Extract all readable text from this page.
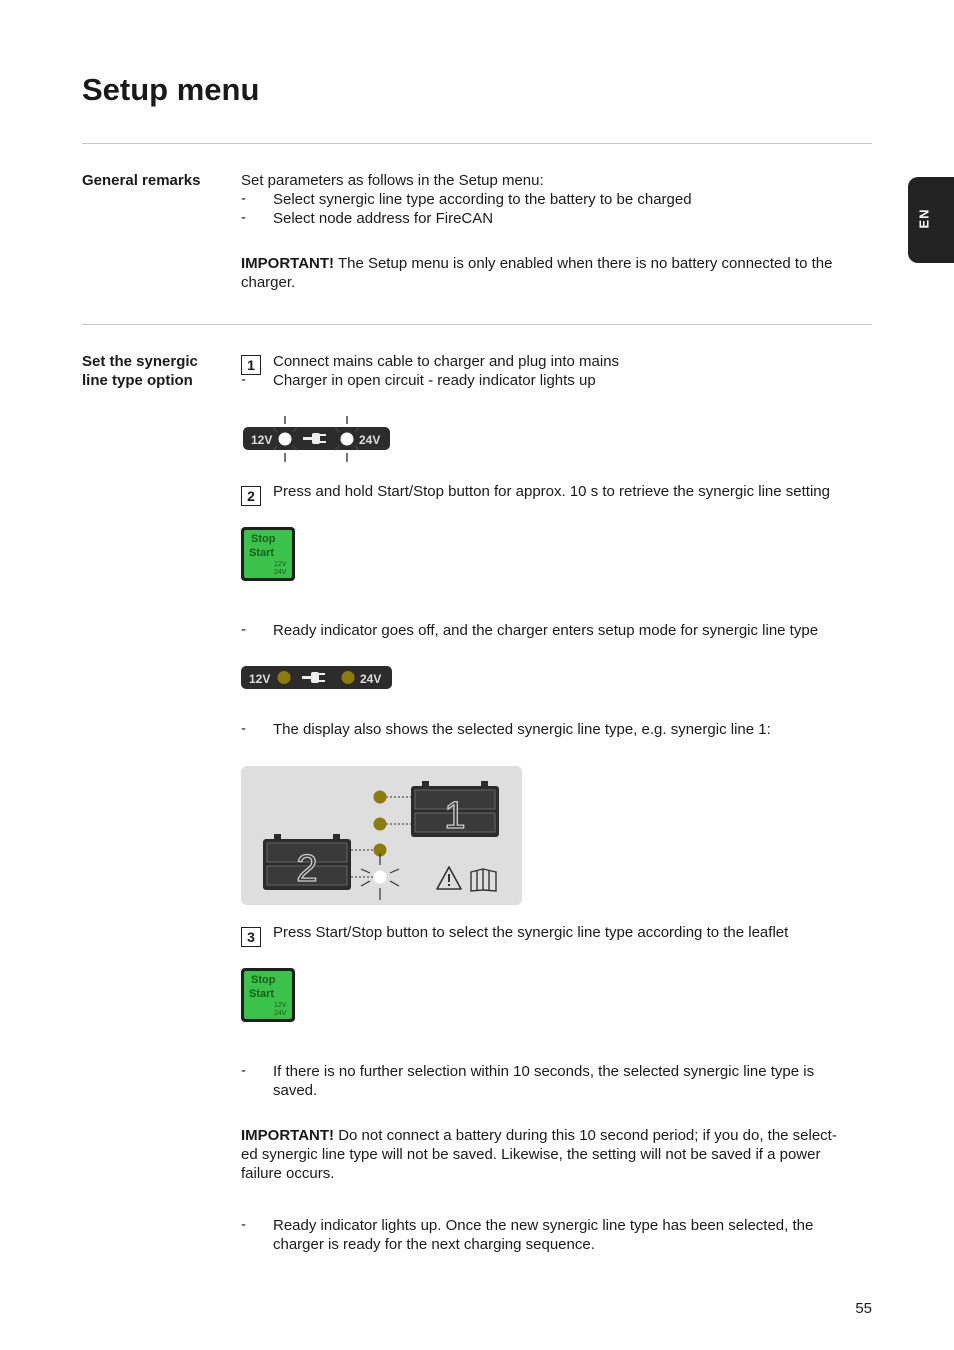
Setup menu
EN
General remarks	Set parameters as follows in the Setup menu:
- Select synergic line type according to the battery to be charged
- Select node address for FireCAN
IMPORTANT! The Setup menu is only enabled when there is no battery connected to the
charger.
Set the synergic
line type option
1	Connect mains cable to charger and plug into mains
- Charger in open circuit - ready indicator lights up
12V	24V
2	Press and hold Start/Stop button for approx. 10 s to retrieve the synergic line setting
Stop
Start
12V
24V
- Ready indicator goes off, and the charger enters setup mode for synergic line type
12V	24V
- The display also shows the selected synergic line type, e.g. synergic line 1:
1
2
3	Press Start/Stop button to select the synergic line type according to the leaflet
Stop
Start
12V
24V
- If there is no further selection within 10 seconds, the selected synergic line type is
saved.
IMPORTANT! Do not connect a battery during this 10 second period; if you do, the select-
ed synergic line type will not be saved. Likewise, the setting will not be saved if a power
failure occurs.
- Ready indicator lights up. Once the new synergic line type has been selected, the
charger is ready for the next charging sequence.
55
